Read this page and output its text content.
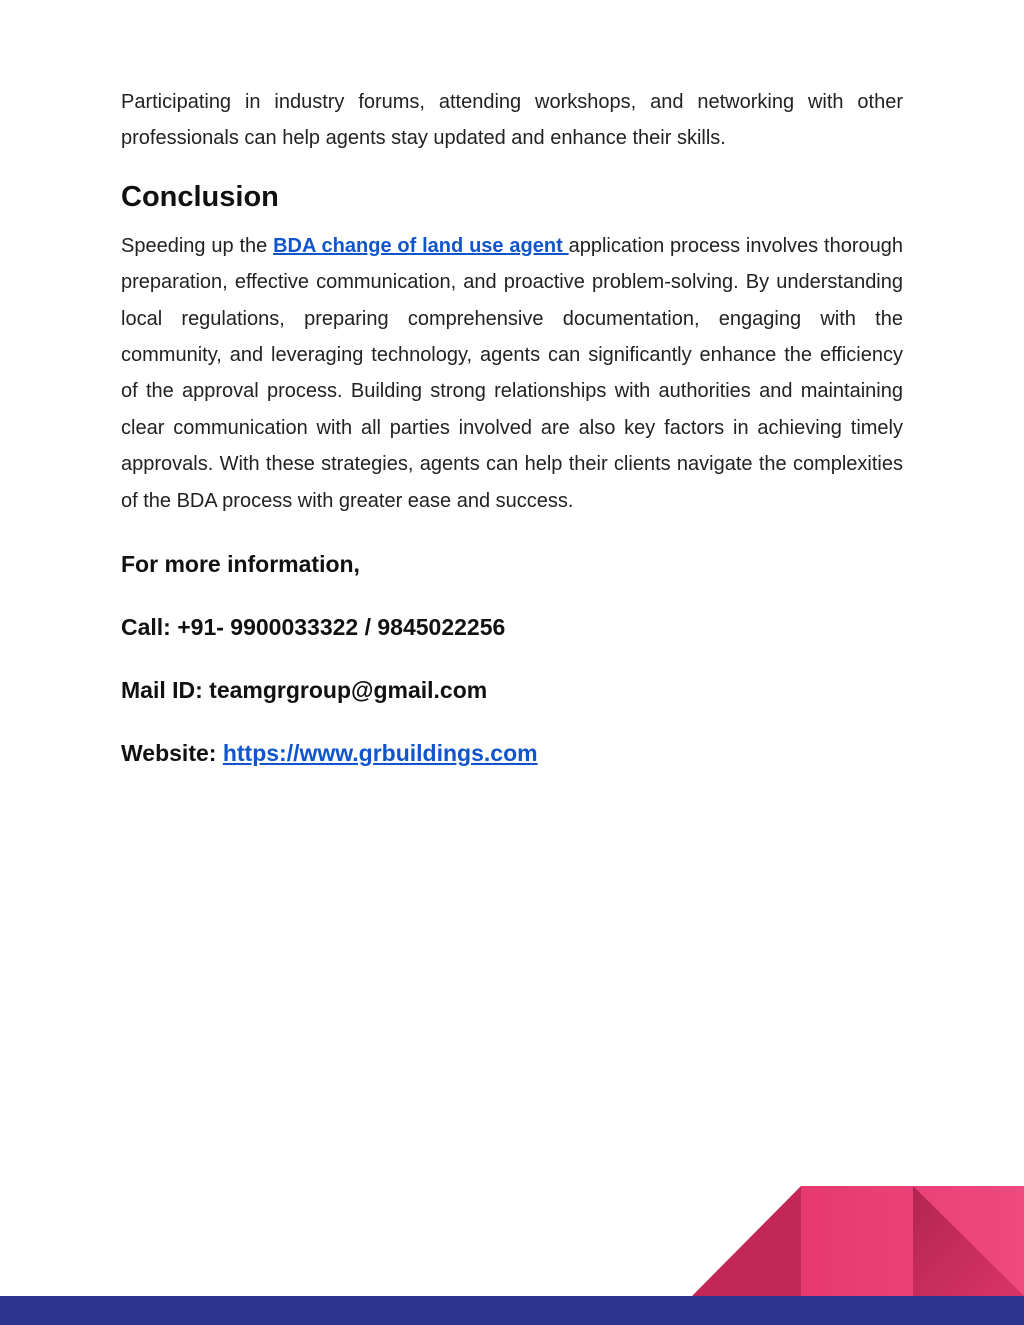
Participating in industry forums, attending workshops, and networking with other professionals can help agents stay updated and enhance their skills.

Conclusion

Speeding up the BDA change of land use agent application process involves thorough preparation, effective communication, and proactive problem-solving. By understanding local regulations, preparing comprehensive documentation, engaging with the community, and leveraging technology, agents can significantly enhance the efficiency of the approval process. Building strong relationships with authorities and maintaining clear communication with all parties involved are also key factors in achieving timely approvals. With these strategies, agents can help their clients navigate the complexities of the BDA process with greater ease and success.

For more information,

Call: +91- 9900033322 / 9845022256

Mail ID: teamgrgroup@gmail.com

Website: https://www.grbuildings.com
